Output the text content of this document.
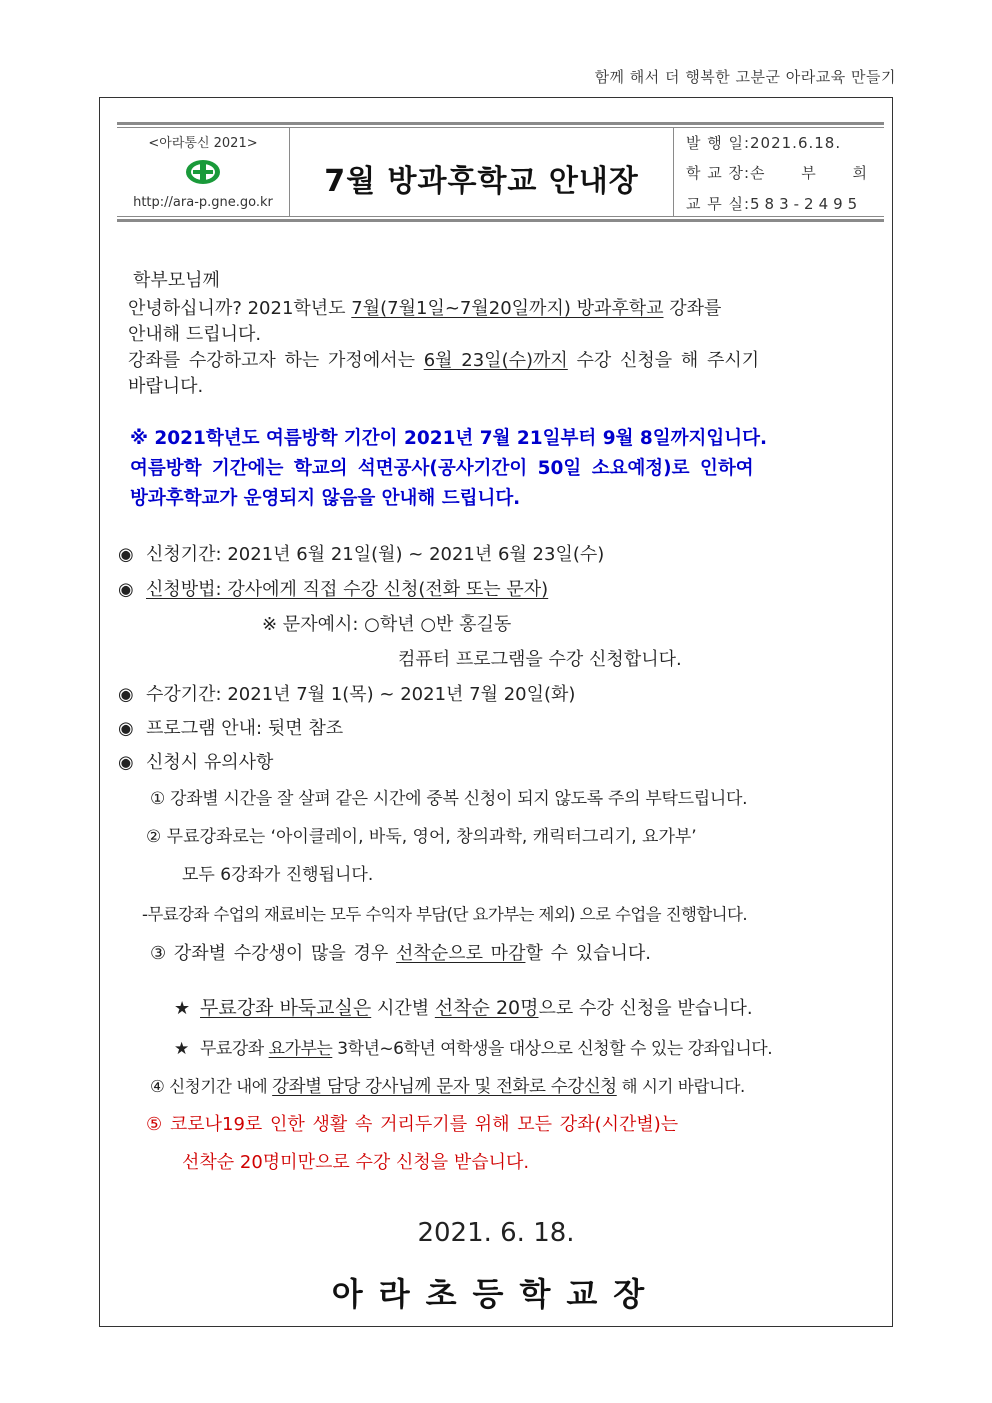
함께 해서 더 행복한 고분군 아라교육 만들기
<아라통신 2021>
http://ara-p.gne.go.kr
7월 방과후학교 안내장
발 행 일:2021.6.18.
학 교 장: 손 부 희
교 무 실:583-2495
학부모님께
안녕하십니까? 2021학년도 7월(7월1일~7월20일까지) 방과후학교 강좌를
안내해 드립니다.
강좌를 수강하고자 하는 가정에서는 6월 23일(수)까지 수강 신청을 해 주시기
바랍니다.
※ 2021학년도 여름방학 기간이 2021년 7월 21일부터 9월 8일까지입니다.
여름방학 기간에는 학교의 석면공사(공사기간이 50일 소요예정)로 인하여
방과후학교가 운영되지 않음을 안내해 드립니다.
◉ 신청기간: 2021년 6월 21일(월) ~ 2021년 6월 23일(수)
◉ 신청방법: 강사에게 직접 수강 신청(전화 또는 문자)
※ 문자예시: ○학년 ○반 홍길동
컴퓨터 프로그램을 수강 신청합니다.
◉ 수강기간: 2021년 7월 1(목) ~ 2021년 7월 20일(화)
◉ 프로그램 안내: 뒷면 참조
◉ 신청시 유의사항
① 강좌별 시간을 잘 살펴 같은 시간에 중복 신청이 되지 않도록 주의 부탁드립니다.
② 무료강좌로는 ‘아이클레이, 바둑, 영어, 창의과학, 캐릭터그리기, 요가부’
모두 6강좌가 진행됩니다.
-무료강좌 수업의 재료비는 모두 수익자 부담(단 요가부는 제외) 으로 수업을 진행합니다.
③ 강좌별 수강생이 많을 경우 선착순으로 마감할 수 있습니다.
★ 무료강좌 바둑교실은 시간별 선착순 20명으로 수강 신청을 받습니다.
★ 무료강좌 요가부는 3학년~6학년 여학생을 대상으로 신청할 수 있는 강좌입니다.
④ 신청기간 내에 강좌별 담당 강사님께 문자 및 전화로 수강신청 해 시기 바랍니다.
⑤ 코로나19로 인한 생활 속 거리두기를 위해 모든 강좌(시간별)는
선착순 20명미만으로 수강 신청을 받습니다.
2021. 6. 18.
아라초등학교장
